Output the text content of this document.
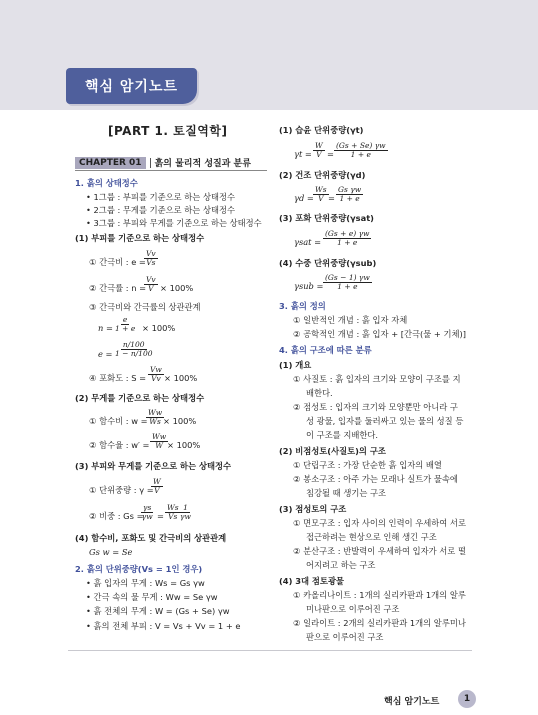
핵심 암기노트
[PART 1. 토질역학]
CHAPTER 01	흙의 물리적 성질과 분류
1. 흙의 상태정수
• 1그룹 : 부피를 기준으로 하는 상태정수
• 2그룹 : 무게를 기준으로 하는 상태정수
• 3그룹 : 부피와 무게를 기준으로 하는 상태정수
(1) 부피를 기준으로 하는 상태정수
① 간극비 : e =
$\frac{Vv}{Vs}$
② 간극률 : n =
$\frac{Vv}{V} \times 100\%$
③ 간극비와 간극률의 상관관계
$n = \frac{e}{1 + e} \times 100\%$
$e = \frac{n/100}{1 - n/100}$
④ 포화도 : $S = \frac{Vw}{Vv} \times 100\%$
(2) 무게를 기준으로 하는 상태정수
① 함수비 : w =
$\frac{Ww}{Ws}$
× 100%
② 함수율 : $w' = \frac{Ww}{W}$
× 100%
(3) 부피와 무게를 기준으로 하는 상태정수
① 단위중량 : γ =
$\frac{W}{V}$
② 비중 : Gs =
$\frac{\gamma s}{\gamma w} = \frac{Ws}{Vs} \frac{1}{\gamma w}$
(4) 함수비, 포화도 및 간극비의 상관관계
Gs w = Se
2. 흙의 단위중량(Vs = 1인 경우)
• 흙 입자의 무게 : Ws = Gs γw
• 간극 속의 물 무게 : Ww = Se γw
• 흙 전체의 무게 : W = (Gs + Se) γw
• 흙의 전체 부피 : V = Vs + Vv = 1 + e
(1) 습윤 단위중량(γt)
$\gamma t = \frac{W}{V} = \frac{(Gs + Se) \gamma w}{1 + e}$
(2) 건조 단위중량(γd)
$\gamma d = \frac{Ws}{V} = \frac{\text{Gs γw}}{1 + e}$
(3) 포화 단위중량(γsat)
$\gamma sat = \frac{(Gs + e) \gamma w}{1 + e}$
(4) 수중 단위중량(γsub)
$\gamma sub = \frac{(Gs - 1) \gamma w}{1 + e}$
3. 흙의 정의
① 일반적인 개념 : 흙 입자 자체
② 공학적인 개념 : 흙 입자 + [간극(물 + 기체)]
4. 흙의 구조에 따른 분류
(1) 개요
① 사질토 : 흙 입자의 크기와 모양이 구조를 지
배한다.
② 점성토 : 입자의 크기와 모양뿐만 아니라 구
성 광물, 입자를 둘러싸고 있는 물의 성질 등
이 구조를 지배한다.
(2) 비점성토(사질토)의 구조
① 단립구조 : 가장 단순한 흙 입자의 배열
② 봉소구조 : 아주 가는 모래나 실트가 물속에
침강될 때 생기는 구조
(3) 점성토의 구조
① 면모구조 : 입자 사이의 인력이 우세하여 서로
접근하려는 현상으로 인해 생긴 구조
② 분산구조 : 반발력이 우세하여 입자가 서로 떨
어지려고 하는 구조
(4) 3대 점토광물
① 카올리나이트 : 1개의 실리카판과 1개의 알루
미나판으로 이루어진 구조
② 일라이트 : 2개의 실리카판과 1개의 알루미나
판으로 이루어진 구조
핵심 암기노트	1
